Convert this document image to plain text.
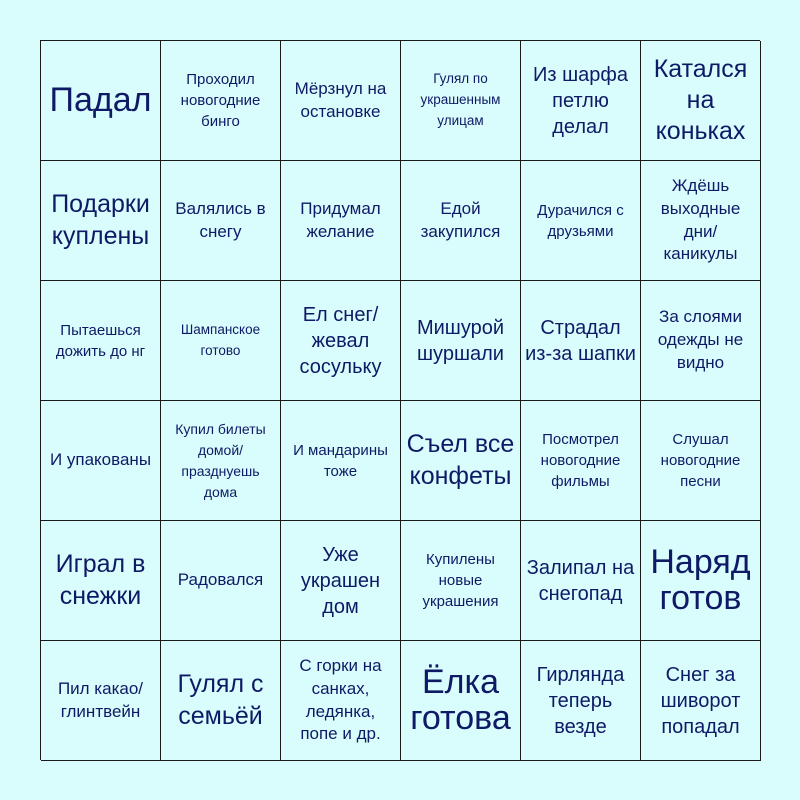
Падал
Проходил новогодние бинго
Мёрзнул на остановке
Гулял по украшенным улицам
Из шарфа петлю делал
Катался на коньках
Подарки куплены
Валялись в снегу
Придумал желание
Едой закупился
Дурачился с друзьями
Ждёшь выходные дни/ каникулы
Пытаешься дожить до нг
Шампанское готово
Ел снег/ жевал сосульку
Мишурой шуршали
Страдал из-за шапки
За слоями одежды не видно
И упакованы
Купил билеты домой/ празднуешь дома
И мандарины тоже
Съел все конфеты
Посмотрел новогодние фильмы
Слушал новогодние песни
Играл в снежки
Радовался
Уже украшен дом
Купилены новые украшения
Залипал на снегопад
Наряд готов
Пил какао/ глинтвейн
Гулял с семьёй
С горки на санках, ледянка, попе и др.
Ёлка готова
Гирлянда теперь везде
Снег за шиворот попадал
